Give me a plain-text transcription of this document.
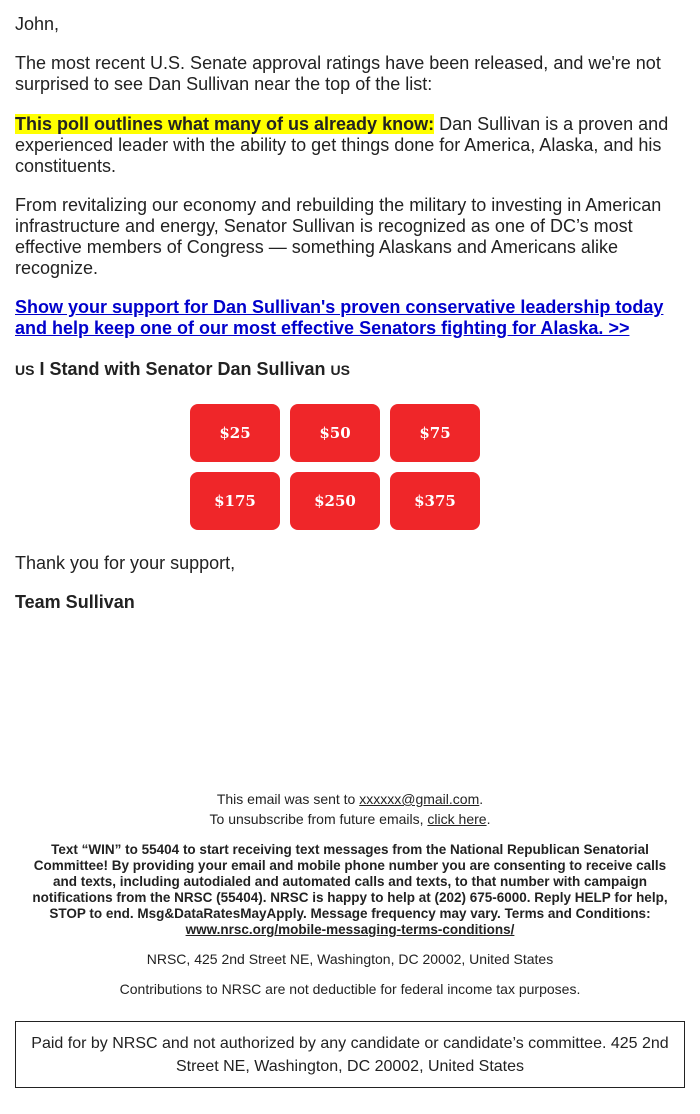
John,

The most recent U.S. Senate approval ratings have been released, and we're not surprised to see Dan Sullivan near the top of the list:

This poll outlines what many of us already know: Dan Sullivan is a proven and experienced leader with the ability to get things done for America, Alaska, and his constituents.

From revitalizing our economy and rebuilding the military to investing in American infrastructure and energy, Senator Sullivan is recognized as one of DC’s most effective members of Congress — something Alaskans and Americans alike recognize.

Show your support for Dan Sullivan's proven conservative leadership today and help keep one of our most effective Senators fighting for Alaska. >>

US I Stand with Senator Dan Sullivan US
$25	$50	$75
$175	$250	$375

Thank you for your support,

Team Sullivan

This email was sent to xxxxxx@gmail.com.
To unsubscribe from future emails, click here.
Text “WIN” to 55404 to start receiving text messages from the National Republican Senatorial Committee! By providing your email and mobile phone number you are consenting to receive calls and texts, including autodialed and automated calls and texts, to that number with campaign notifications from the NRSC (55404). NRSC is happy to help at (202) 675-6000. Reply HELP for help, STOP to end. Msg&DataRatesMayApply. Message frequency may vary. Terms and Conditions:
www.nrsc.org/mobile-messaging-terms-conditions/
NRSC, 425 2nd Street NE, Washington, DC 20002, United States
Contributions to NRSC are not deductible for federal income tax purposes.
Paid for by NRSC and not authorized by any candidate or candidate’s committee. 425 2nd Street NE, Washington, DC 20002, United States
